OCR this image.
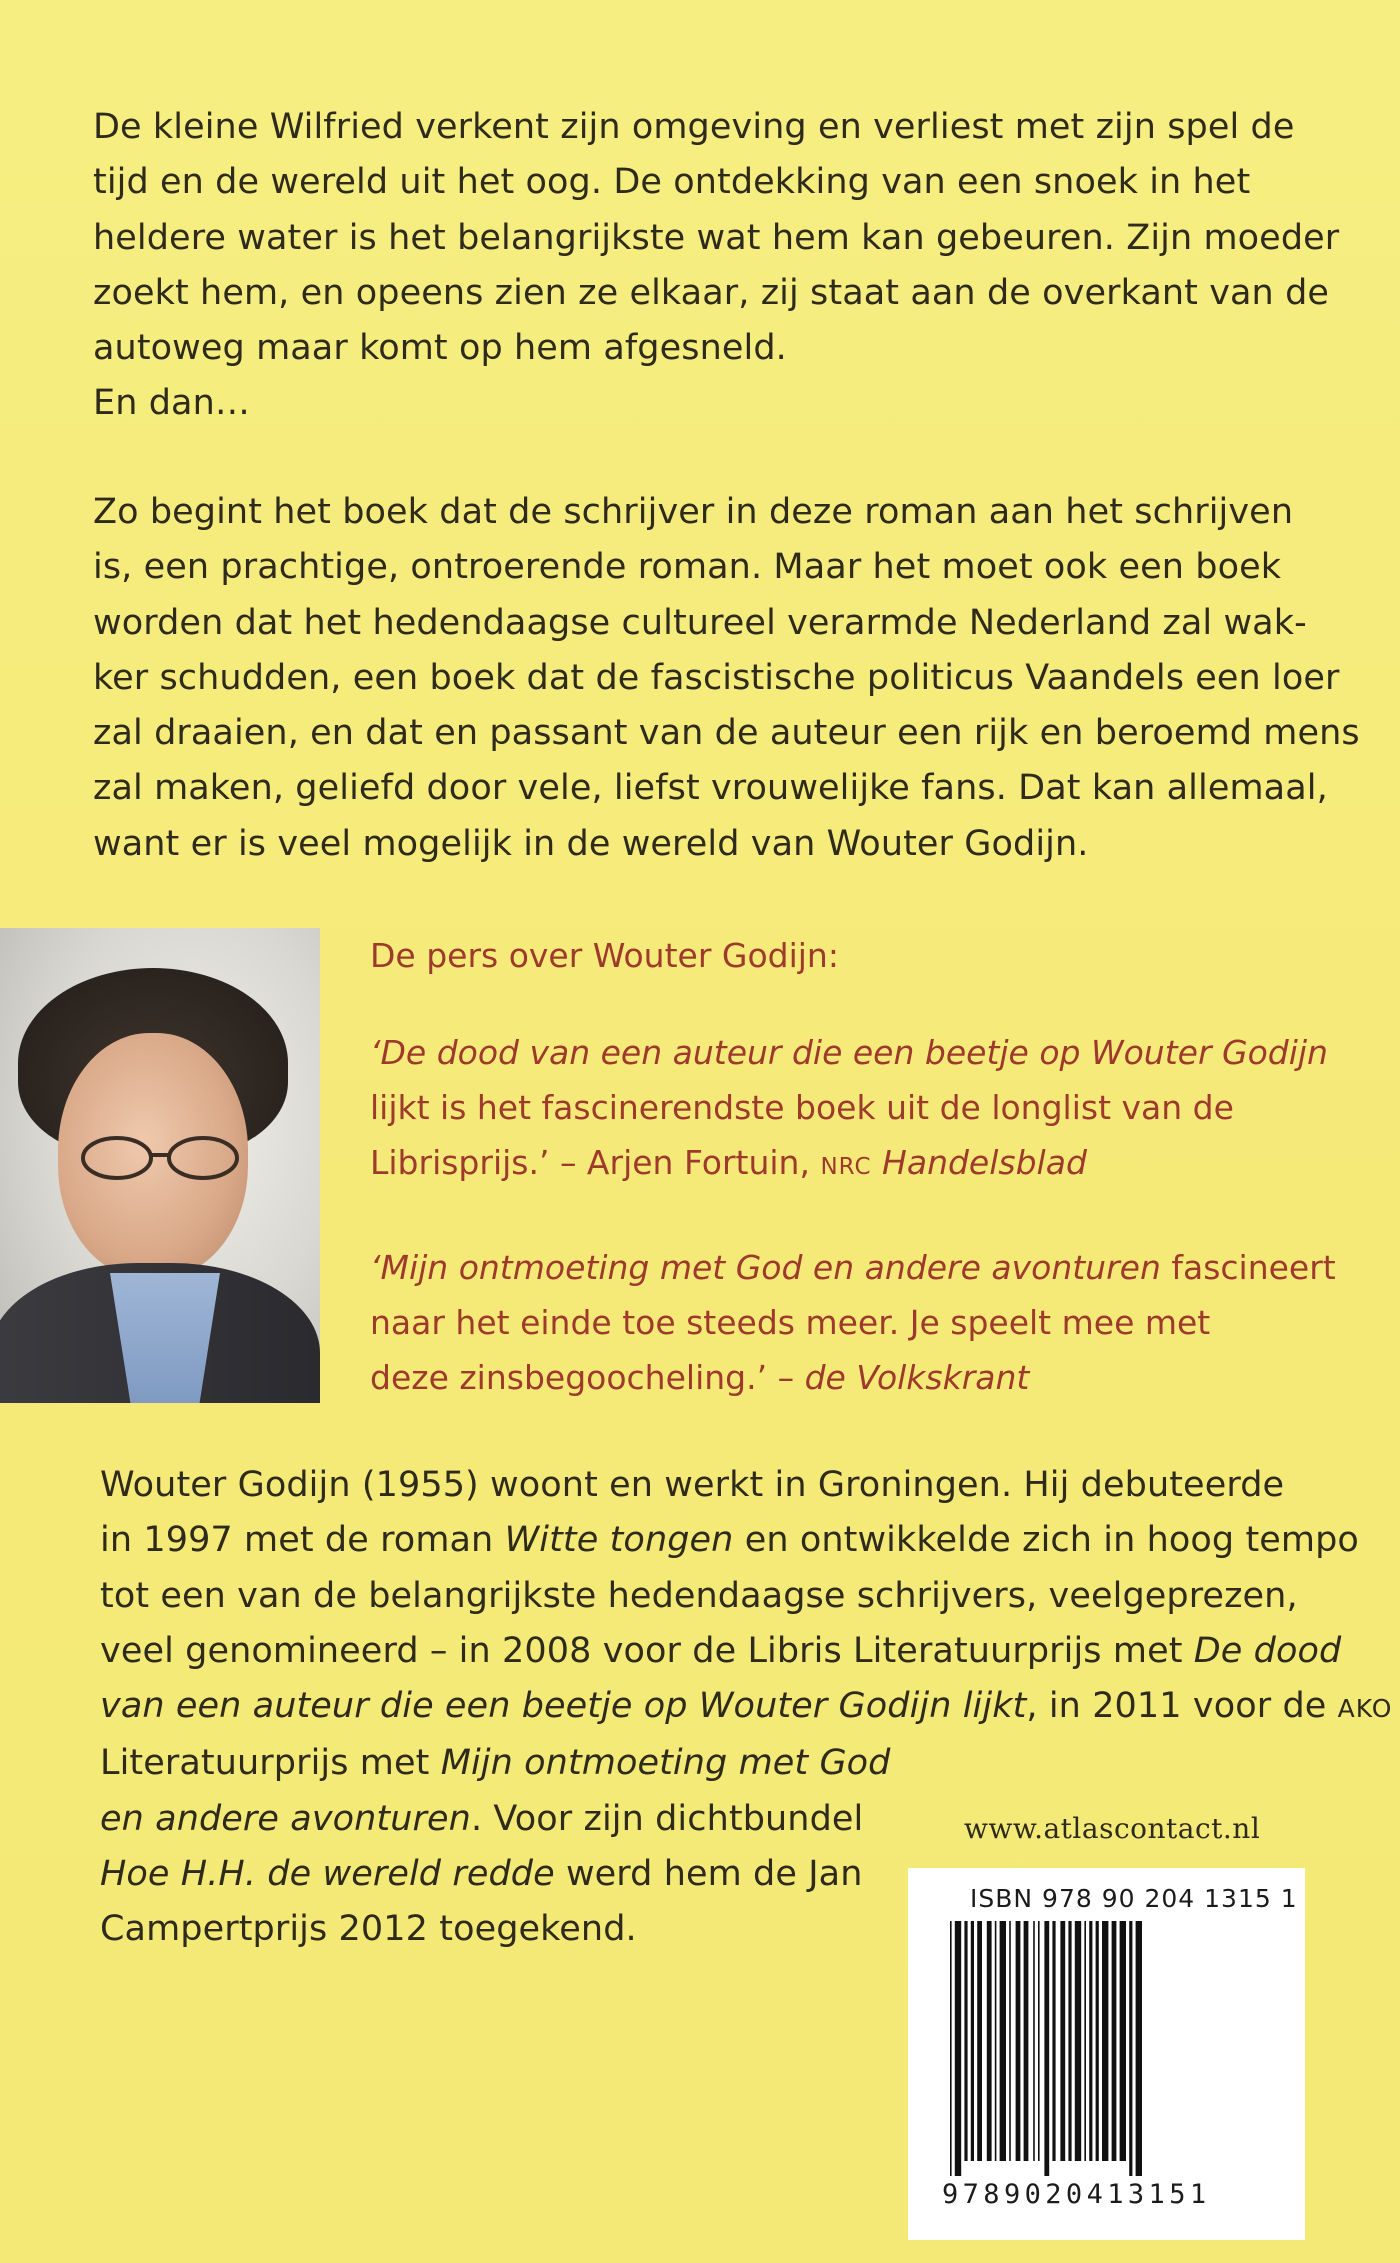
De kleine Wilfried verkent zijn omgeving en verliest met zijn spel de
tijd en de wereld uit het oog. De ontdekking van een snoek in het
heldere water is het belangrijkste wat hem kan gebeuren. Zijn moeder
zoekt hem, en opeens zien ze elkaar, zij staat aan de overkant van de
autoweg maar komt op hem afgesneld.
En dan…

Zo begint het boek dat de schrijver in deze roman aan het schrijven
is, een prachtige, ontroerende roman. Maar het moet ook een boek
worden dat het hedendaagse cultureel verarmde Nederland zal wak-
ker schudden, een boek dat de fascistische politicus Vaandels een loer
zal draaien, en dat en passant van de auteur een rijk en beroemd mens
zal maken, geliefd door vele, liefst vrouwelijke fans. Dat kan allemaal,
want er is veel mogelijk in de wereld van Wouter Godijn.

De pers over Wouter Godijn:

‘De dood van een auteur die een beetje op Wouter Godijn
lijkt is het fascinerendste boek uit de longlist van de
Librisprijs.’ – Arjen Fortuin, NRC Handelsblad

‘Mijn ontmoeting met God en andere avonturen fascineert
naar het einde toe steeds meer. Je speelt mee met
deze zinsbegoocheling.’ – de Volkskrant

Wouter Godijn (1955) woont en werkt in Groningen. Hij debuteerde
in 1997 met de roman Witte tongen en ontwikkelde zich in hoog tempo
tot een van de belangrijkste hedendaagse schrijvers, veelgeprezen,
veel genomineerd – in 2008 voor de Libris Literatuurprijs met De dood
van een auteur die een beetje op Wouter Godijn lijkt, in 2011 voor de AKO
Literatuurprijs met Mijn ontmoeting met God
en andere avonturen. Voor zijn dichtbundel
Hoe H.H. de wereld redde werd hem de Jan
Campertprijs 2012 toegekend.

www.atlascontact.nl
ISBN 978 90 204 1315 1
9789020413151
